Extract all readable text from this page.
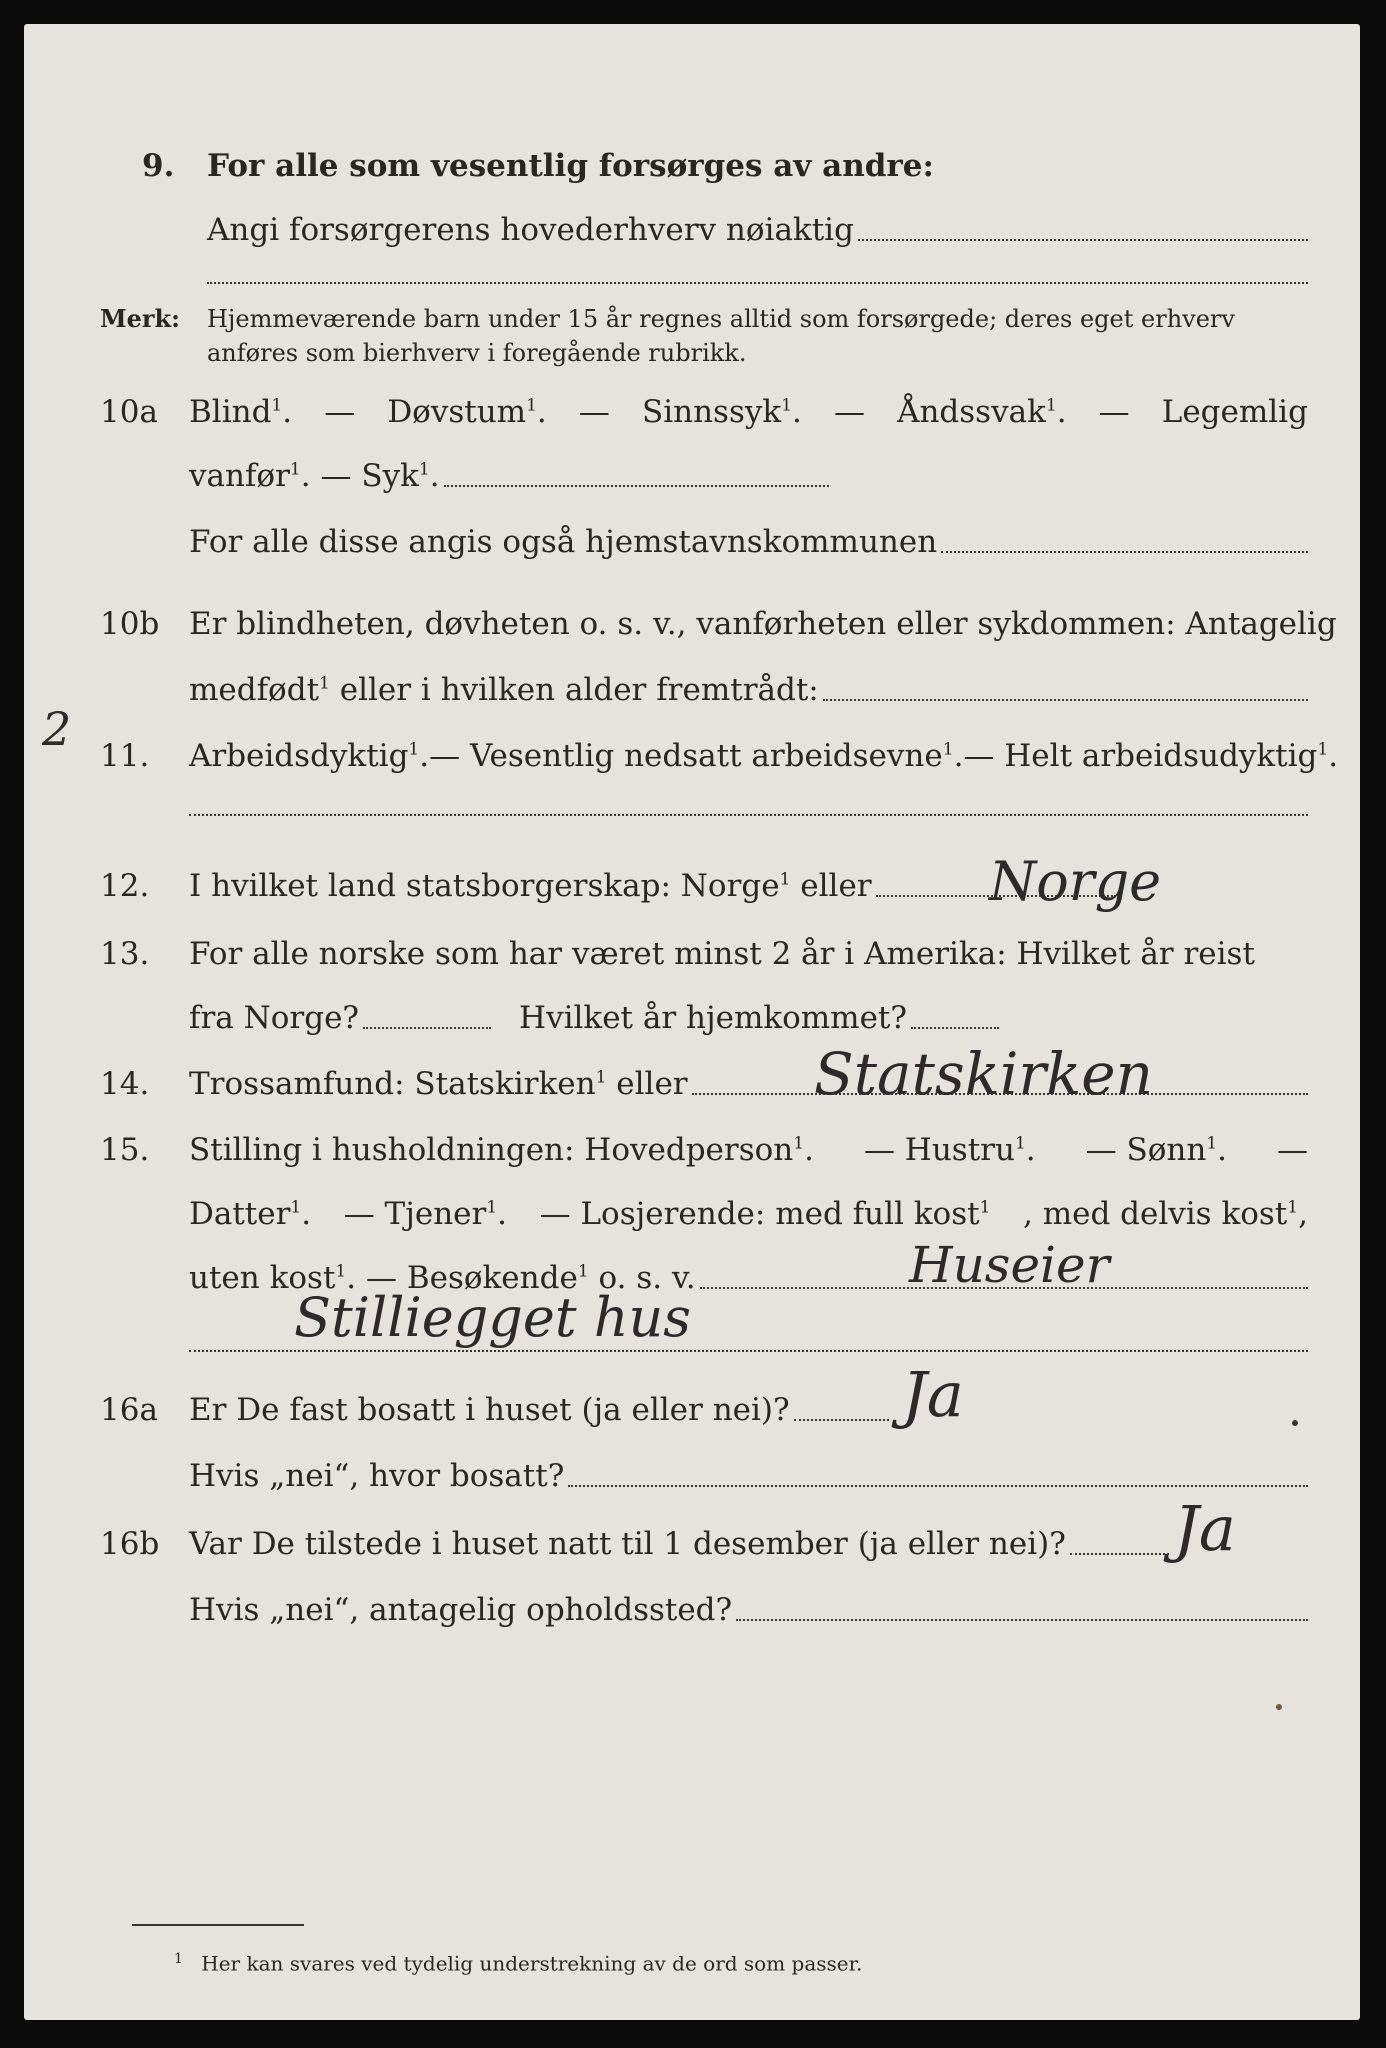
9.	For alle som vesentlig forsørges av andre:
Angi forsørgerens hovederhverv nøiaktig
Merk: Hjemmeværende barn under 15 år regnes alltid som forsørgede; deres eget erhverv
anføres som bierhverv i foregående rubrikk.
10a	Blind$^1$. — Døvstum$^1$. — Sinnssyk$^1$. — Åndssvak$^1$. — Legemlig
vanfør$^1$. — Syk$^1$.
For alle disse angis også hjemstavnskommunen
10b Er blindheten, døvheten o. s. v., vanførheten eller sykdommen: Antagelig
medfødt$^1$
eller i hvilken alder fremtrådt:
2 11.	Arbeidsdyktig$^1$. — Vesentlig nedsatt arbeidsevne$^1$. — Helt arbeidsudyktig$^1$.
12.	I hvilket land statsborgerskap: Norge$^1$
eller Norge
13.	For alle norske som har været minst 2 år i Amerika: Hvilket år reist
fra Norge?	Hvilket år hjemkommet?
14.	Trossamfund: Statskirken$^1$
eller Statskirken
15.	Stilling i husholdningen: Hovedperson$^1$. — Hustru$^1$. — Sønn$^1$. —
Datter$^1$. — Tjener$^1$. — Losjerende: med full kost$^1$ , med delvis kost$^1$,
uten kost$^1$.
— Besøkende$^1$
o. s. v.	Huseier
Stilliegget hus
16a	Er De fast bosatt i huset (ja eller nei)? Ja
Hvis „nei“, hvor bosatt?
16b Var De tilstede i huset natt til 1 desember (ja eller nei)? Ja
Hvis „nei“, antagelig opholdssted?
$^1$ Her kan svares ved tydelig understrekning av de ord som passer.
